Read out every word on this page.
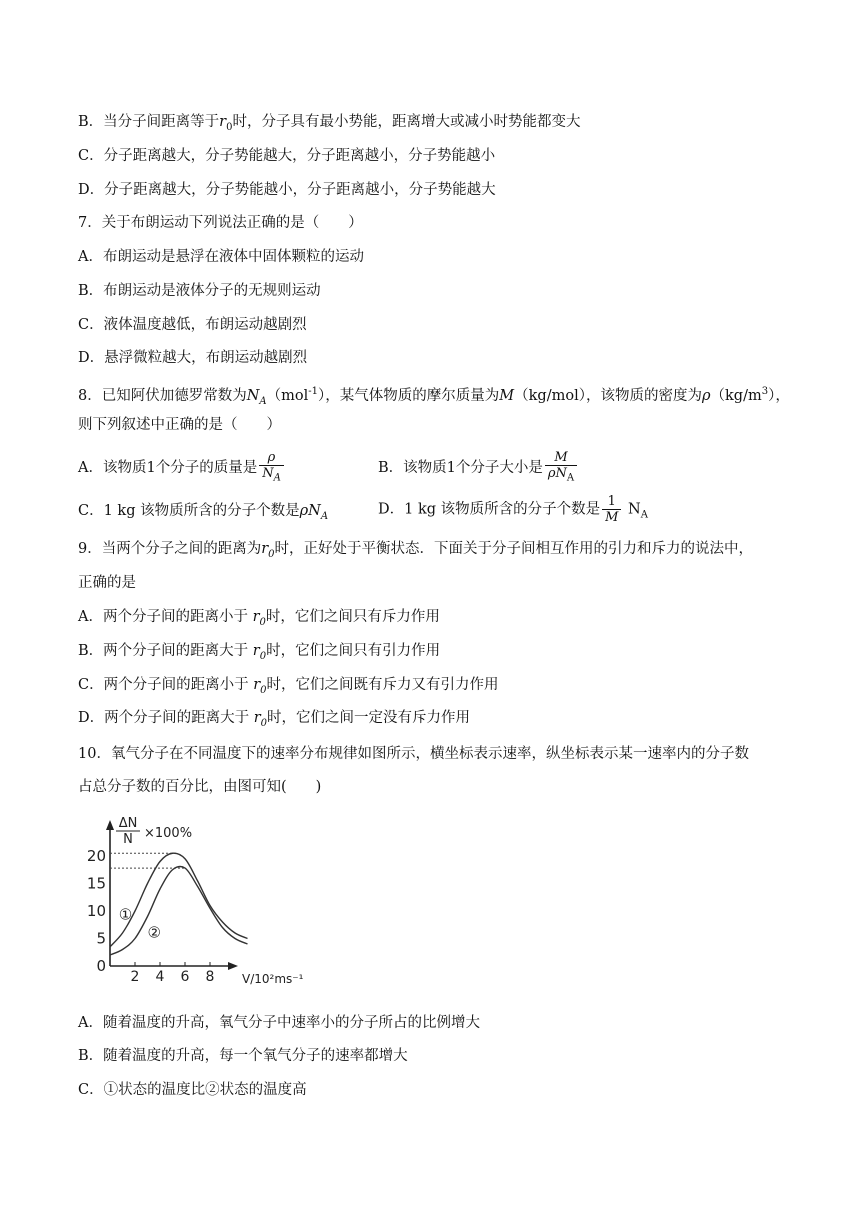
B．当分子间距离等于$r_0$时，分子具有最小势能，距离增大或减小时势能都变大
C．分子距离越大，分子势能越大，分子距离越小，分子势能越小
D．分子距离越大，分子势能越小，分子距离越小，分子势能越大
7．关于布朗运动下列说法正确的是（　　）
A．布朗运动是悬浮在液体中固体颗粒的运动
B．布朗运动是液体分子的无规则运动
C．液体温度越低，布朗运动越剧烈
D．悬浮微粒越大，布朗运动越剧烈
8．已知阿伏加德罗常数为$N_A(mol^{-1})$，某气体物质的摩尔质量为M（kg/mol），该物质的密度为$\rho(kg/m^3)$，
则下列叙述中正确的是（　　）
A．该物质1个分子的质量是 $\frac{\rho}{N_A}$	B．该物质1个分子大小是 $\frac{M}{\rho N_A}$
C．1 kg 该物质所含的分子个数是$\rho N_A$	D．1 kg 该物质所含的分子个数是 $\frac{1}{M} N_A$
9．当两个分子之间的距离为$r_0$时，正好处于平衡状态．下面关于分子间相互作用的引力和斥力的说法中，
正确的是
A．两个分子间的距离小于 $r_0$时，它们之间只有斥力作用
B．两个分子间的距离大于 $r_0$时，它们之间只有引力作用
C．两个分子间的距离小于 $r_0$时，它们之间既有斥力又有引力作用
D．两个分子间的距离大于 $r_0$时，它们之间一定没有斥力作用
10．氧气分子在不同温度下的速率分布规律如图所示，横坐标表示速率，纵坐标表示某一速率内的分子数
占总分子数的百分比，由图可知(　　)
ΔN
N ×100%
0
5
10
15
20
2 4 6 8 V/10²ms⁻¹
①
②
A．随着温度的升高，氧气分子中速率小的分子所占的比例增大
B．随着温度的升高，每一个氧气分子的速率都增大
C．①状态的温度比②状态的温度高
